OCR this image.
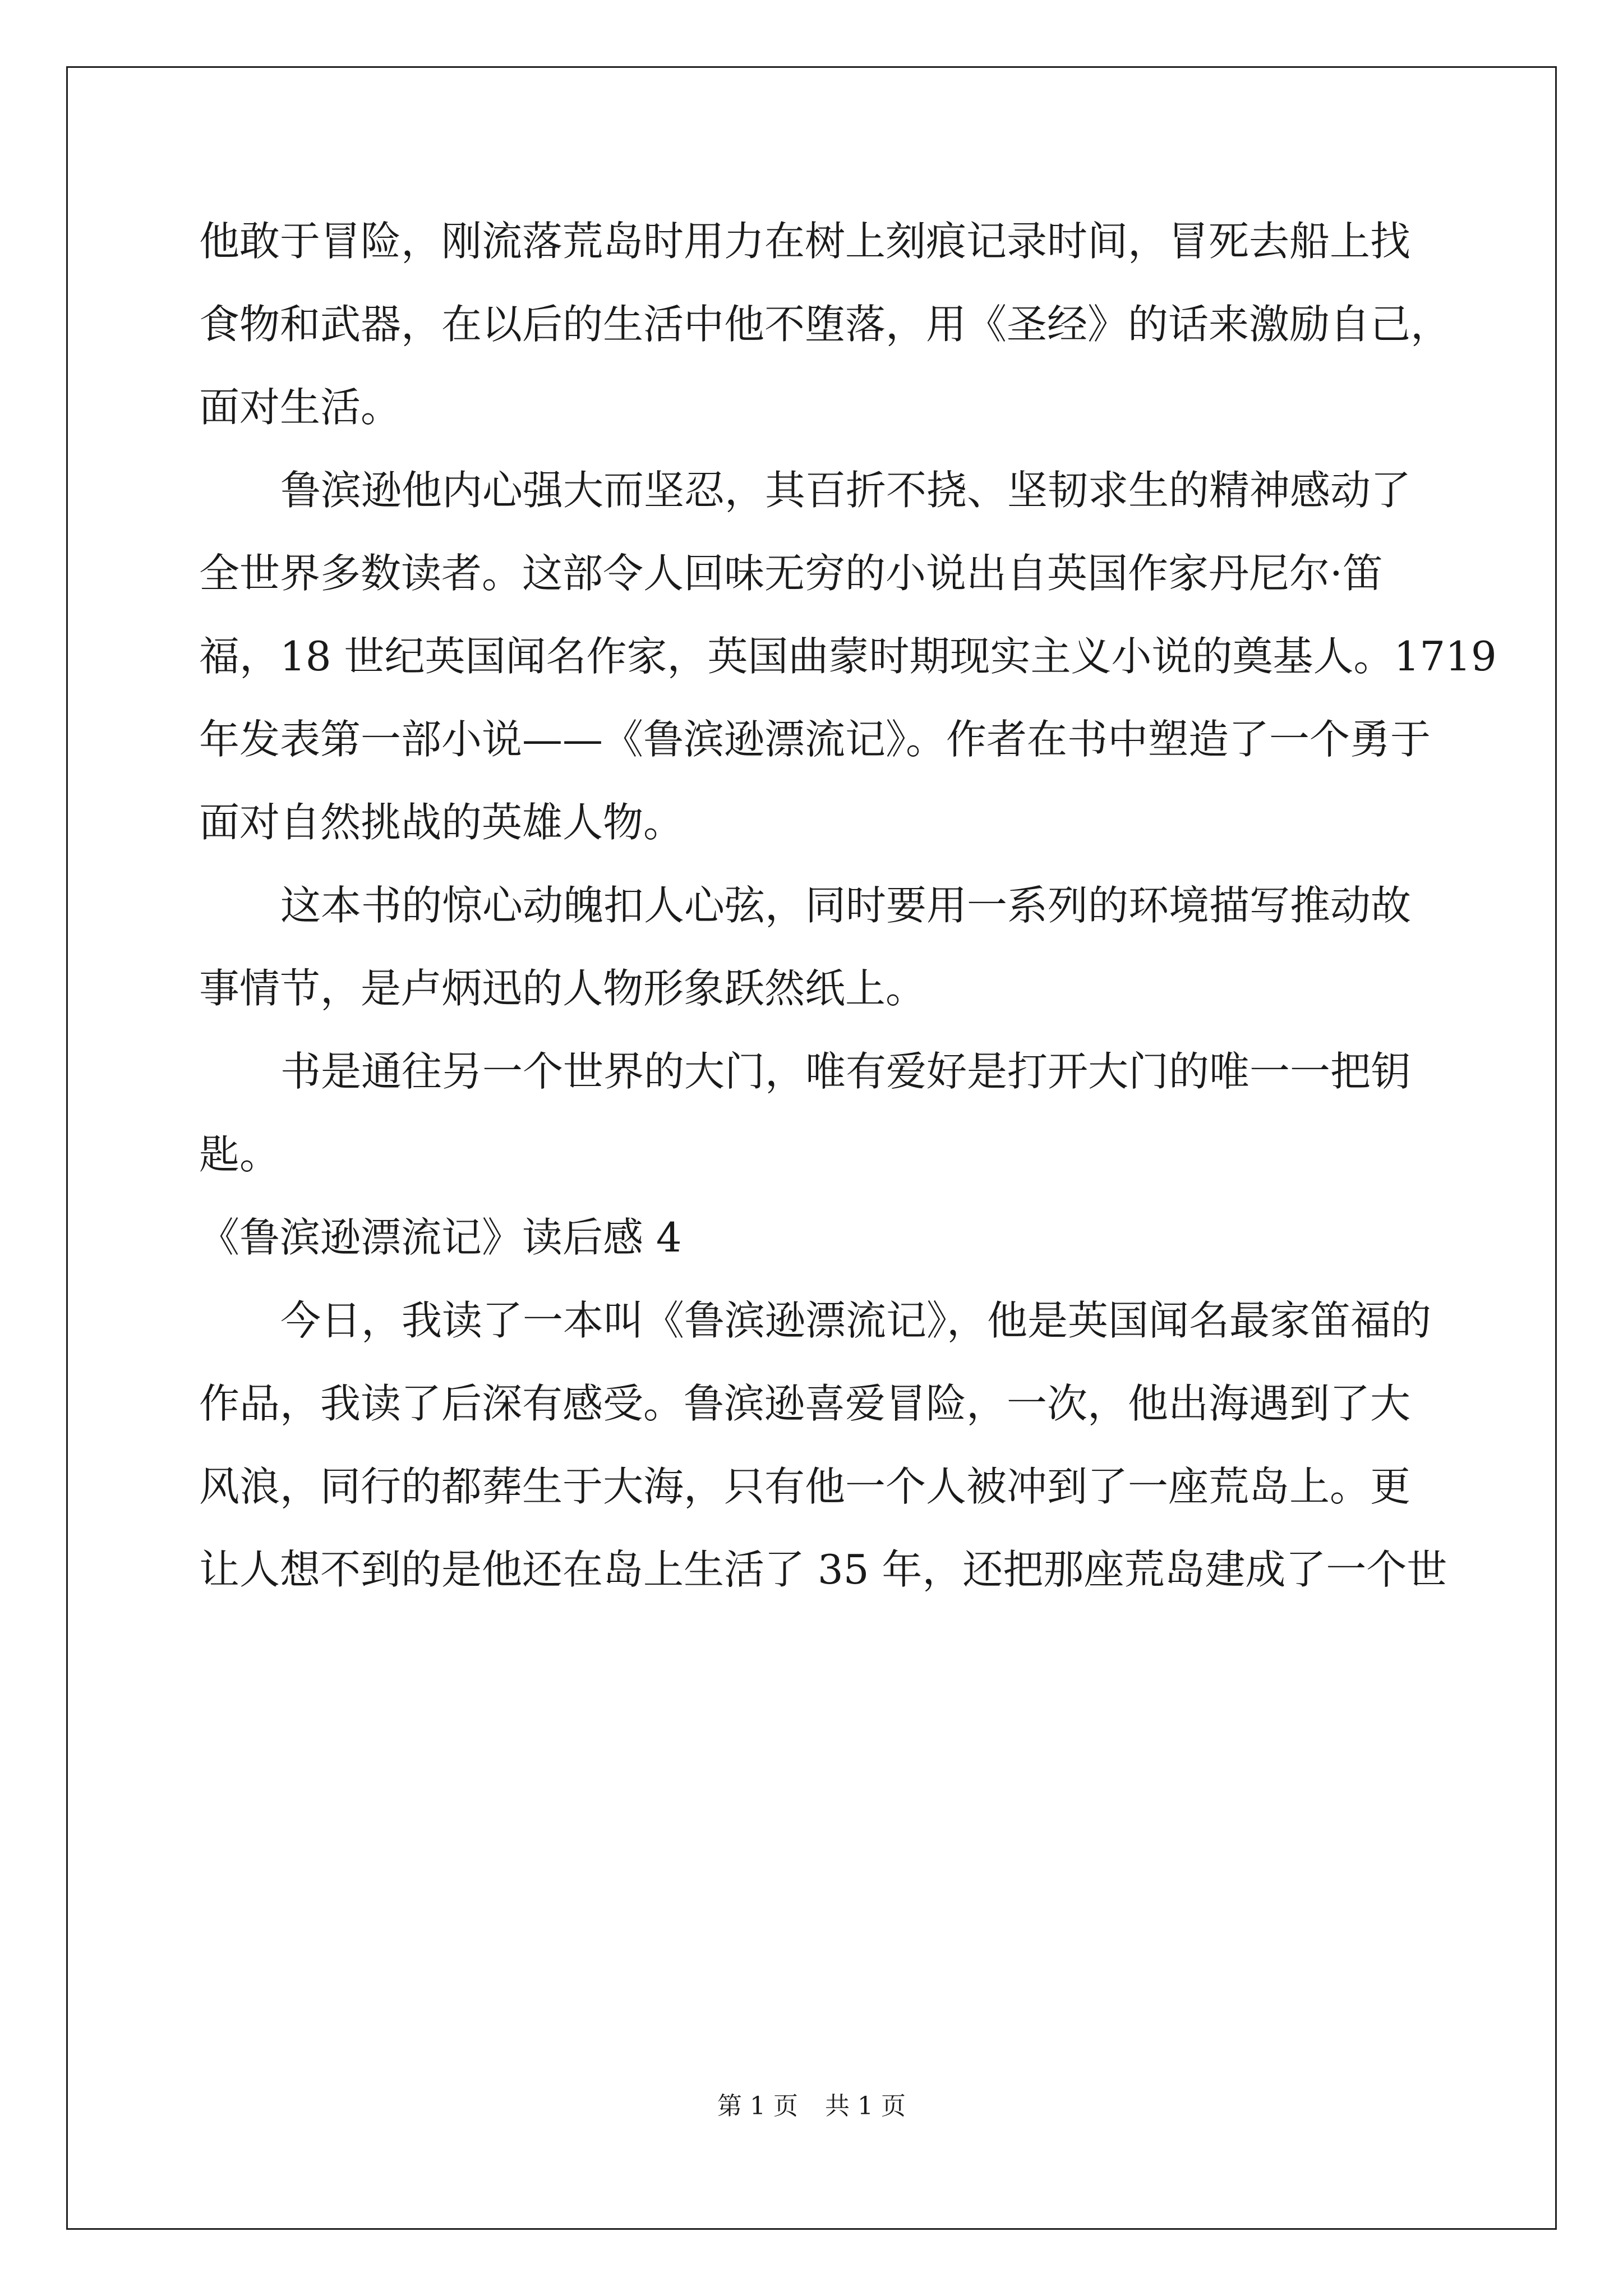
他敢于冒险，刚流落荒岛时用力在树上刻痕记录时间，冒死去船上找
食物和武器，在以后的生活中他不堕落，用《圣经》的话来激励自己，
面对生活。
鲁滨逊他内心强大而坚忍，其百折不挠、坚韧求生的精神感动了
全世界多数读者。这部令人回味无穷的小说出自英国作家丹尼尔·笛
福，18 世纪英国闻名作家，英国曲蒙时期现实主义小说的奠基人。1719
年发表第一部小说——《鲁滨逊漂流记》。作者在书中塑造了一个勇于
面对自然挑战的英雄人物。
这本书的惊心动魄扣人心弦，同时要用一系列的环境描写推动故
事情节，是卢炳迅的人物形象跃然纸上。
书是通往另一个世界的大门，唯有爱好是打开大门的唯一一把钥
匙。
《鲁滨逊漂流记》读后感 4
今日，我读了一本叫《鲁滨逊漂流记》，他是英国闻名最家笛福的
作品，我读了后深有感受。鲁滨逊喜爱冒险，一次，他出海遇到了大
风浪，同行的都葬生于大海，只有他一个人被冲到了一座荒岛上。更
让人想不到的是他还在岛上生活了 35 年，还把那座荒岛建成了一个世
第 1 页 共 1 页
